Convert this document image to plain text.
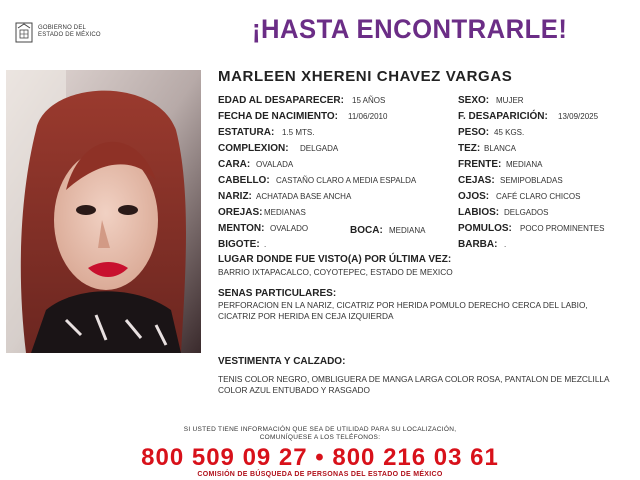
GOBIERNO DEL
ESTADO DE MÉXICO	¡HASTA ENCONTRARLE!
MARLEEN XHERENI CHAVEZ VARGAS
EDAD AL DESAPARECER: 15 AÑOS
FECHA DE NACIMIENTO: 11/06/2010
ESTATURA: 1.5 MTS.
COMPLEXION: DELGADA
CARA: OVALADA
CABELLO: CASTAÑO CLARO A MEDIA ESPALDA
NARIZ: ACHATADA BASE ANCHA
OREJAS: MEDIANAS
MENTON: OVALADO
BIGOTE: .
BOCA: MEDIANA
SEXO: MUJER
F. DESAPARICIÓN: 13/09/2025
PESO: 45 KGS.
TEZ: BLANCA
FRENTE: MEDIANA
CEJAS: SEMIPOBLADAS
OJOS: CAFÉ CLARO CHICOS
LABIOS: DELGADOS
POMULOS: POCO PROMINENTES
BARBA: .
LUGAR DONDE FUE VISTO(A) POR ÚLTIMA VEZ:
BARRIO IXTAPACALCO, COYOTEPEC, ESTADO DE MEXICO
SENAS PARTICULARES:
PERFORACION EN LA NARIZ, CICATRIZ POR HERIDA POMULO DERECHO CERCA DEL LABIO, CICATRIZ POR HERIDA EN CEJA IZQUIERDA
VESTIMENTA Y CALZADO:
TENIS COLOR NEGRO, OMBLIGUERA DE MANGA LARGA COLOR ROSA, PANTALON DE MEZCLILLA COLOR AZUL ENTUBADO Y RASGADO
SI USTED TIENE INFORMACIÓN QUE SEA DE UTILIDAD PARA SU LOCALIZACIÓN,
COMUNÍQUESE A LOS TELÉFONOS:
800 509 09 27 • 800 216 03 61
COMISIÓN DE BÚSQUEDA DE PERSONAS DEL ESTADO DE MÉXICO
